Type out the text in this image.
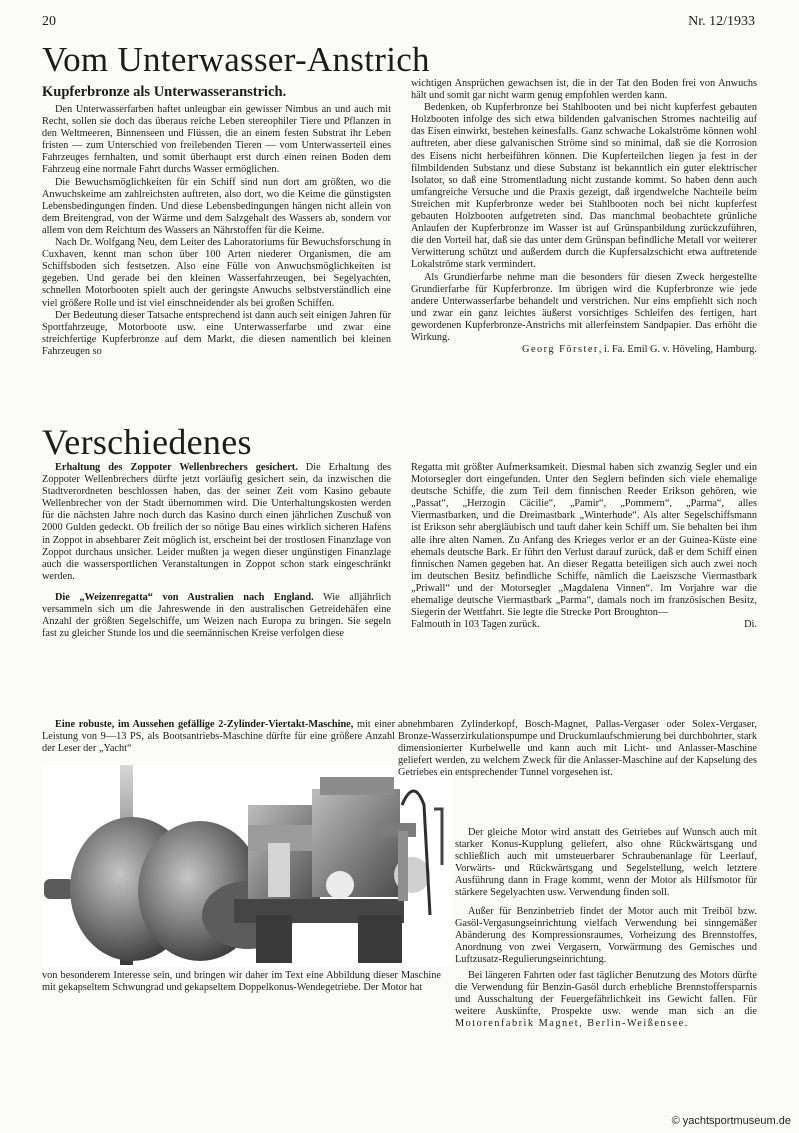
20	Nr. 12/1933
Vom Unterwasser-Anstrich
Kupferbronze als Unterwasseranstrich.

Den Unterwasserfarben haftet unleugbar ein gewisser Nimbus an und auch mit Recht, sollen sie doch das überaus reiche Leben stereophiler Tiere und Pflanzen in den Weltmeeren, Binnenseen und Flüssen, die an einem festen Substrat ihr Leben fristen — zum Unterschied von freilebenden Tieren — vom Unterwasserteil eines Fahrzeuges fernhalten, und somit überhaupt erst durch einen reinen Boden dem Fahrzeug eine normale Fahrt durchs Wasser ermöglichen.

Die Bewuchsmöglichkeiten für ein Schiff sind nun dort am größten, wo die Anwuchskeime am zahlreichsten auftreten, also dort, wo die Keime die günstigsten Lebensbedingungen finden. Und diese Lebensbedingungen hängen nicht allein von dem Breitengrad, von der Wärme und dem Salzgehalt des Wassers ab, sondern vor allem von dem Reichtum des Wassers an Nährstoffen für die Keime.

Nach Dr. Wolfgang Neu, dem Leiter des Laboratoriums für Bewuchsforschung in Cuxhaven, kennt man schon über 100 Arten niederer Organismen, die am Schiffsboden sich festsetzen. Also eine Fülle von Anwuchsmöglichkeiten ist gegeben. Und gerade bei den kleinen Wasserfahrzeugen, bei Segelyachten, schnellen Motorbooten spielt auch der geringste Anwuchs selbstverständlich eine viel größere Rolle und ist viel einschneidender als bei großen Schiffen.

Der Bedeutung dieser Tatsache entsprechend ist dann auch seit einigen Jahren für Sportfahrzeuge, Motorboote usw. eine Unterwasserfarbe und zwar eine streichfertige Kupferbronze auf dem Markt, die diesen namentlich bei kleinen Fahrzeugen so

wichtigen Ansprüchen gewachsen ist, die in der Tat den Boden frei von Anwuchs hält und somit gar nicht warm genug empfohlen werden kann.

Bedenken, ob Kupferbronze bei Stahlbooten und bei nicht kupferfest gebauten Holzbooten infolge des sich etwa bildenden galvanischen Stromes nachteilig auf das Eisen einwirkt, bestehen keinesfalls. Ganz schwache Lokalströme können wohl auftreten, aber diese galvanischen Ströme sind so minimal, daß sie die Korrosion des Eisens nicht herbeiführen können. Die Kupferteilchen liegen ja fest in der filmbildenden Substanz und diese Substanz ist bekanntlich ein guter elektrischer Isolator, so daß eine Stromentladung nicht zustande kommt. So haben denn auch umfangreiche Versuche und die Praxis gezeigt, daß irgendwelche Nachteile beim Streichen mit Kupferbronze weder bei Stahlbooten noch bei nicht kupferfest gebauten Holzbooten aufgetreten sind. Das manchmal beobachtete grünliche Anlaufen der Kupferbronze im Wasser ist auf Grünspanbildung zurückzuführen, die den Vorteil hat, daß sie das unter dem Grünspan befindliche Metall vor weiterer Verwitterung schützt und außerdem durch die Kupfersalzschicht etwa auftretende Lokalströme stark vermindert.

Als Grundierfarbe nehme man die besonders für diesen Zweck hergestellte Grundierfarbe für Kupferbronze. Im übrigen wird die Kupferbronze wie jede andere Unterwasserfarbe behandelt und verstrichen. Nur eins empfiehlt sich noch und zwar ein ganz leichtes äußerst vorsichtiges Schleifen des fertigen, hart gewordenen Kupferbronze-Anstrichs mit allerfeinstem Sandpapier. Das erhöht die Wirkung.

Georg Förster, i. Fa. Emil G. v. Höveling, Hamburg.

Verschiedenes

Erhaltung des Zoppoter Wellenbrechers gesichert. Die Erhaltung des Zoppoter Wellenbrechers dürfte jetzt vorläufig gesichert sein, da inzwischen die Stadtverordneten beschlossen haben, das der seiner Zeit vom Kasino gebaute Wellenbrecher von der Stadt übernommen wird. Die Unterhaltungskosten werden für die nächsten Jahre noch durch das Kasino durch einen jährlichen Zuschuß von 2000 Gulden gedeckt. Ob freilich der so nötige Bau eines wirklich sicheren Hafens in Zoppot in absehbarer Zeit möglich ist, erscheint bei der trostlosen Finanzlage von Zoppot durchaus unsicher. Leider mußten ja wegen dieser ungünstigen Finanzlage auch die wassersportlichen Veranstaltungen in Zoppot schon stark eingeschränkt werden.

Die „Weizenregatta“ von Australien nach England. Wie alljährlich versammeln sich um die Jahreswende in den australischen Getreidehäfen eine Anzahl der größten Segelschiffe, um Weizen nach Europa zu bringen. Sie segeln fast zu gleicher Stunde los und die seemännischen Kreise verfolgen diese

Regatta mit größter Aufmerksamkeit. Diesmal haben sich zwanzig Segler und ein Motorsegler dort eingefunden. Unter den Seglern befinden sich viele ehemalige deutsche Schiffe, die zum Teil dem finnischen Reeder Erikson gehören, wie „Passat“, „Herzogin Cäcilie“, „Pamir“, „Pommern“, „Parma“, alles Viermastbarken, und die Dreimastbark „Winterhude“. Als alter Segelschiffsmann ist Erikson sehr abergläubisch und tauft daher kein Schiff um. Sie behalten bei ihm alle ihre alten Namen. Zu Anfang des Krieges verlor er an der Guinea-Küste eine ehemals deutsche Bark. Er führt den Verlust darauf zurück, daß er dem Schiff einen finnischen Namen gegeben hat. An dieser Regatta beteiligen sich auch zwei noch im deutschen Besitz befindliche Schiffe, nämlich die Laeiszsche Viermastbark „Priwall“ und der Motorsegler „Magdalena Vinnen“. Im Vorjahre war die ehemalige deutsche Viermastbark „Parma“, damals noch im französischen Besitz, Siegerin der Wettfahrt. Sie legte die Strecke Port Broughton—

Falmouth in 103 Tagen zurück.	Di.

Eine robuste, im Aussehen gefällige 2-Zylinder-Viertakt-Maschine, mit einer Leistung von 9—13 PS, als Bootsantriebs-Maschine dürfte für eine größere Anzahl der Leser der „Yacht“

abnehmbaren Zylinderkopf, Bosch-Magnet, Pallas-Vergaser oder Solex-Vergaser, Bronze-Wasserzirkulationspumpe und Druckumlaufschmierung bei durchbohrter, stark dimensionierter Kurbelwelle und kann auch mit Licht- und Anlasser-Maschine geliefert werden, zu welchem Zweck für die Anlasser-Maschine auf der Kapselung des Getriebes ein entsprechender Tunnel vorgesehen ist.

Der gleiche Motor wird anstatt des Getriebes auf Wunsch auch mit starker Konus-Kupplung geliefert, also ohne Rückwärtsgang und schließlich auch mit umsteuerbarer Schraubenanlage für Leerlauf, Vorwärts- und Rückwärtsgang und Segelstellung, welch letztere Ausführung dann in Frage kommt, wenn der Motor als Hilfsmotor für stärkere Segelyachten usw. Verwendung finden soll.

Außer für Benzinbetrieb findet der Motor auch mit Treiböl bzw. Gasöl-Vergasungseinrichtung vielfach Verwendung bei sinngemäßer Abänderung des Kompressionsraumes, Vorheizung des Brennstoffes, Anordnung von zwei Vergasern, Vorwärmung des Gemisches und Luftzusatz-Regulierungseinrichtung.

Bei längeren Fahrten oder fast täglicher Benutzung des Motors dürfte die Verwendung für Benzin-Gasöl durch erhebliche Brennstoffersparnis und Ausschaltung der Feuergefährlichkeit ins Gewicht fallen. Für weitere Auskünfte, Prospekte usw. wende man sich an die Motorenfabrik Magnet, Berlin-Weißensee.

von besonderem Interesse sein, und bringen wir daher im Text eine Abbildung dieser Maschine mit gekapseltem Schwungrad und gekapseltem Doppelkonus-Wendegetriebe. Der Motor hat

© yachtsportmuseum.de
